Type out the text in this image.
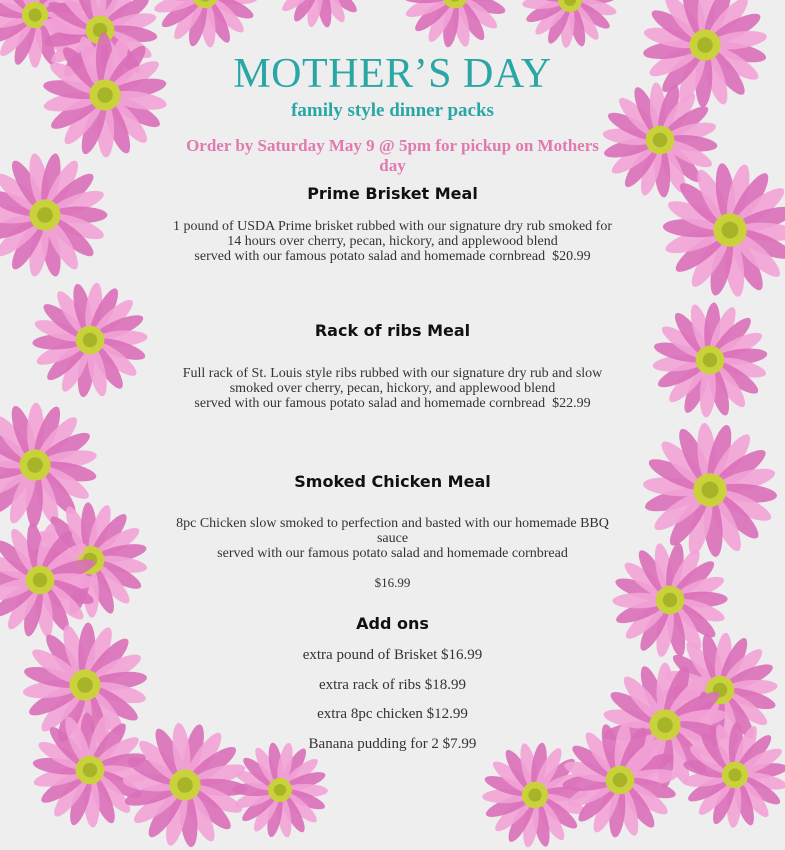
MOTHER’S DAY
family style dinner packs
Order by Saturday May 9 @ 5pm for pickup on Mothers day
Prime Brisket Meal
1 pound of USDA Prime brisket rubbed with our signature dry rub smoked for 14 hours over cherry, pecan, hickory, and applewood blend
served with our famous potato salad and homemade cornbread $20.99
Rack of ribs Meal
Full rack of St. Louis style ribs rubbed with our signature dry rub and slow smoked over cherry, pecan, hickory, and applewood blend
served with our famous potato salad and homemade cornbread $22.99
Smoked Chicken Meal
8pc Chicken slow smoked to perfection and basted with our homemade BBQ sauce
served with our famous potato salad and homemade cornbread
$16.99
Add ons
extra pound of Brisket $16.99
extra rack of ribs $18.99
extra 8pc chicken $12.99
Banana pudding for 2 $7.99
